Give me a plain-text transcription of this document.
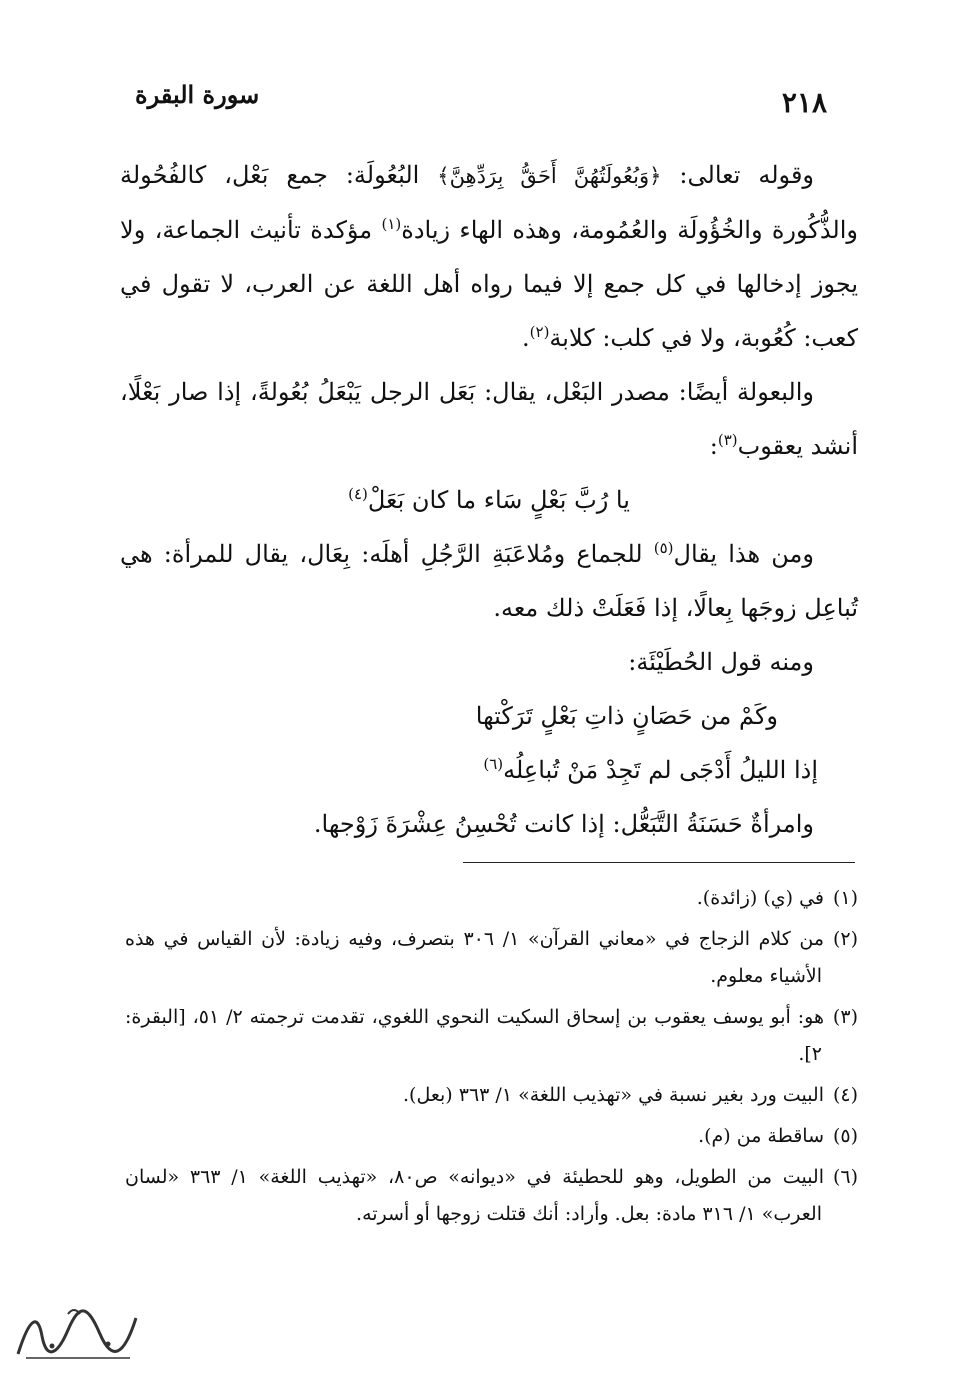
٢١٨
سورة البقرة

وقوله تعالى: ﴿وَبُعُولَتُهُنَّ أَحَقُّ بِرَدِّهِنَّ﴾ البُعُولَة: جمع بَعْل، كالفُحُولة والذُّكُورة والخُؤُولَة والعُمُومة، وهذه الهاء زيادة$^{(١)}$ مؤكدة تأنيث الجماعة، ولا يجوز إدخالها في كل جمع إلا فيما رواه أهل اللغة عن العرب، لا تقول في كعب: كُعُوبة، ولا في كلب: كلابة$^{(٢)}$.

والبعولة أيضًا: مصدر البَعْل، يقال: بَعَل الرجل يَبْعَلُ بُعُولةً، إذا صار بَعْلًا، أنشد يعقوب$^{(٣)}$:

يا رُبَّ بَعْلٍ سَاء ما كان بَعَلْ$^{(٤)}$

ومن هذا يقال$^{(٥)}$ للجماع ومُلاعَبَةِ الرَّجُلِ أهلَه: بِعَال، يقال للمرأة: هي تُباعِل زوجَها بِعالًا، إذا فَعَلَتْ ذلك معه.

ومنه قول الحُطَيْئَة:

وكَمْ من حَصَانٍ ذاتِ بَعْلٍ تَرَكْتها

إذا الليلُ أَدْجَى لم تَجِدْ مَنْ تُباعِلُه$^{(٦)}$

وامرأةٌ حَسَنَةُ التَّبَعُّل: إذا كانت تُحْسِنُ عِشْرَةَ زَوْجها.

(١)في (ي) (زائدة).

(٢)من كلام الزجاج في «معاني القرآن» ١/ ٣٠٦ بتصرف، وفيه زيادة: لأن القياس في هذه الأشياء معلوم.

(٣)هو: أبو يوسف يعقوب بن إسحاق السكيت النحوي اللغوي، تقدمت ترجمته ٢/ ٥١، [البقرة: ٢].

(٤)البيت ورد بغير نسبة في «تهذيب اللغة» ١/ ٣٦٣ (بعل).

(٥)ساقطة من (م).

(٦)البيت من الطويل، وهو للحطيئة في «ديوانه» ص٨٠، «تهذيب اللغة» ١/ ٣٦٣ «لسان العرب» ١/ ٣١٦ مادة: بعل. وأراد: أنك قتلت زوجها أو أسرته.
